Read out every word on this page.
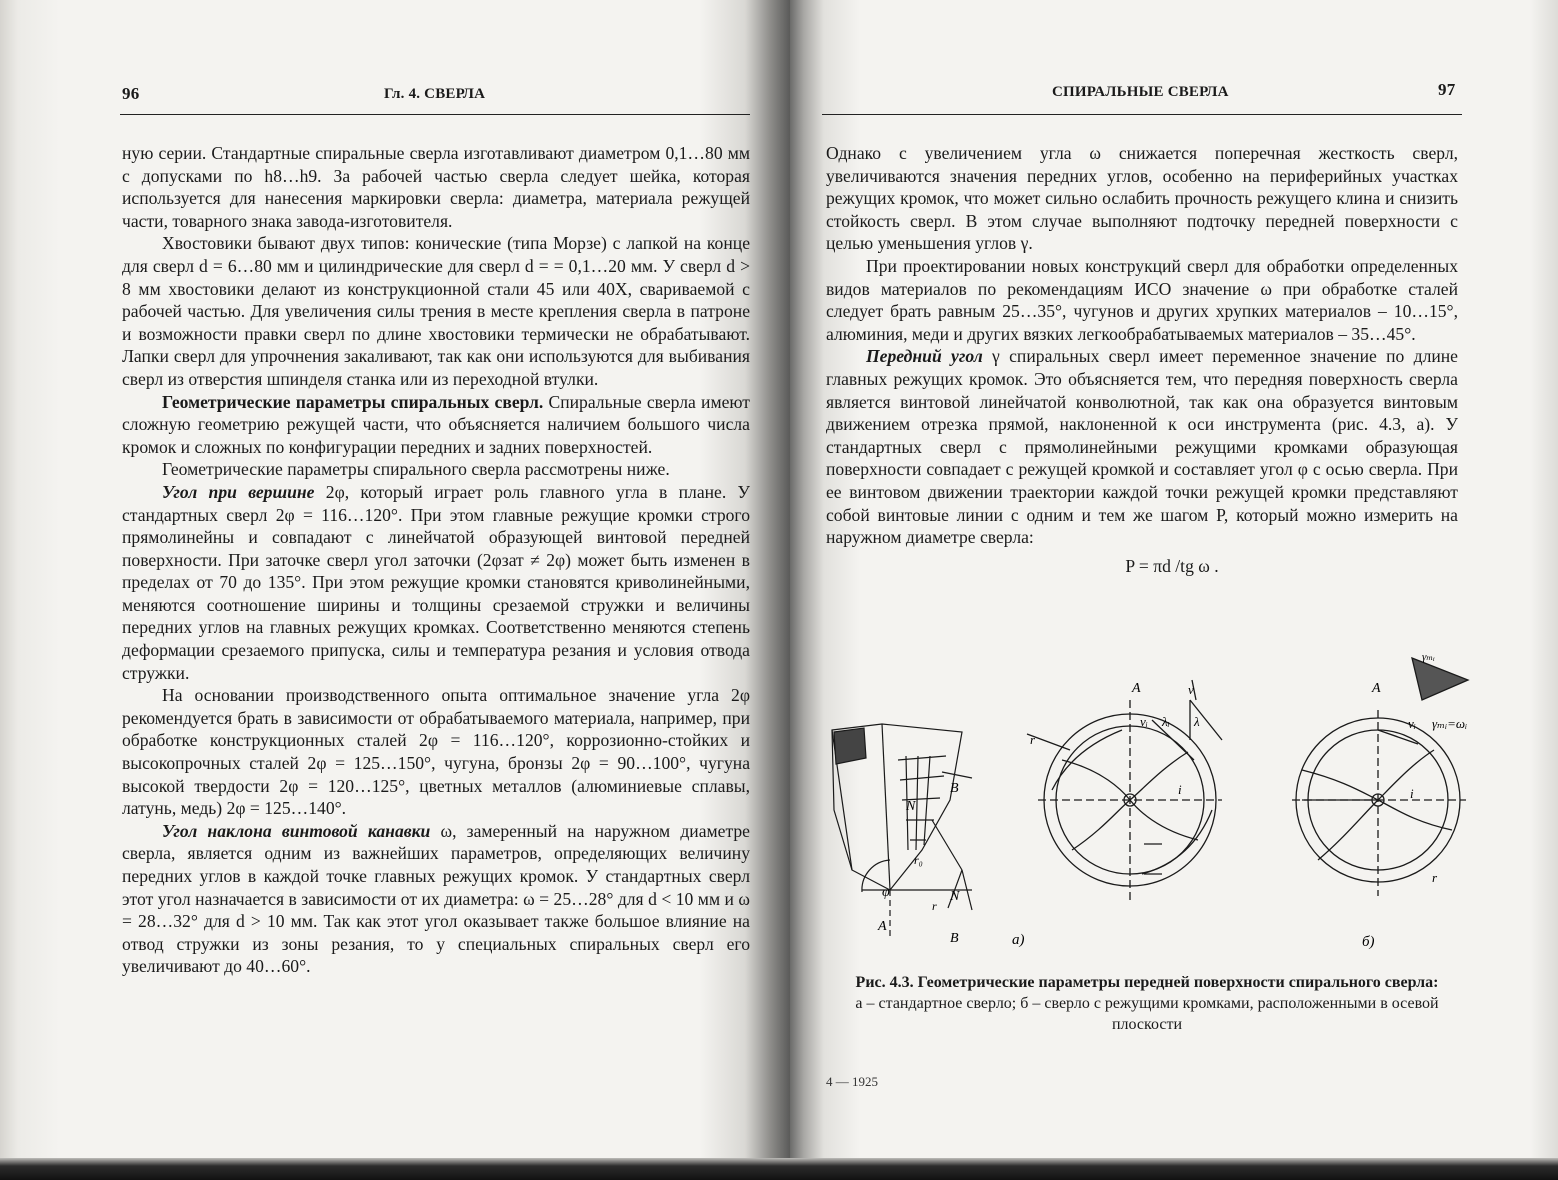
96	Гл. 4. СВЕРЛА

ную серии. Стандартные спиральные сверла изготавливают диаметром 0,1…80 мм с допусками по h8…h9. За рабочей частью сверла следует шейка, которая используется для нанесения маркировки сверла: диаметра, материала режущей части, товарного знака завода-изготовителя.

Хвостовики бывают двух типов: конические (типа Морзе) с лапкой на конце для сверл d = 6…80 мм и цилиндрические для сверл d = = 0,1…20 мм. У сверл d > 8 мм хвостовики делают из конструкционной стали 45 или 40Х, свариваемой с рабочей частью. Для увеличения силы трения в месте крепления сверла в патроне и возможности правки сверл по длине хвостовики термически не обрабатывают. Лапки сверл для упрочнения закаливают, так как они используются для выбивания сверл из отверстия шпинделя станка или из переходной втулки.

Геометрические параметры спиральных сверл. Спиральные сверла имеют сложную геометрию режущей части, что объясняется наличием большого числа кромок и сложных по конфигурации передних и задних поверхностей.

Геометрические параметры спирального сверла рассмотрены ниже.

Угол при вершине 2φ, который играет роль главного угла в плане. У стандартных сверл 2φ = 116…120°. При этом главные режущие кромки строго прямолинейны и совпадают с линейчатой образующей винтовой передней поверхности. При заточке сверл угол заточки (2φзат ≠ 2φ) может быть изменен в пределах от 70 до 135°. При этом режущие кромки становятся криволинейными, меняются соотношение ширины и толщины срезаемой стружки и величины передних углов на главных режущих кромках. Соответственно меняются степень деформации срезаемого припуска, силы и температура резания и условия отвода стружки.

На основании производственного опыта оптимальное значение угла 2φ рекомендуется брать в зависимости от обрабатываемого материала, например, при обработке конструкционных сталей 2φ = 116…120°, коррозионно-стойких и высокопрочных сталей 2φ = 125…150°, чугуна, бронзы 2φ = 90…100°, чугуна высокой твердости 2φ = 120…125°, цветных металлов (алюминиевые сплавы, латунь, медь) 2φ = 125…140°.

Угол наклона винтовой канавки ω, замеренный на наружном диаметре сверла, является одним из важнейших параметров, определяющих величину передних углов в каждой точке главных режущих кромок. У стандартных сверл этот угол назначается в зависимости от их диаметра: ω = 25…28° для d < 10 мм и ω = 28…32° для d > 10 мм. Так как этот угол оказывает также большое влияние на отвод стружки из зоны резания, то у специальных спиральных сверл его увеличивают до 40…60°.

СПИРАЛЬНЫЕ СВЕРЛА	97

Однако с увеличением угла ω снижается поперечная жесткость сверл, увеличиваются значения передних углов, особенно на периферийных участках режущих кромок, что может сильно ослабить прочность режущего клина и снизить стойкость сверл. В этом случае выполняют подточку передней поверхности с целью уменьшения углов γ.

При проектировании новых конструкций сверл для обработки определенных видов материалов по рекомендациям ИСО значение ω при обработке сталей следует брать равным 25…35°, чугунов и других хрупких материалов – 10…15°, алюминия, меди и других вязких легкообрабатываемых материалов – 35…45°.

Передний угол γ спиральных сверл имеет переменное значение по длине главных режущих кромок. Это объясняется тем, что передняя поверхность сверла является винтовой линейчатой конволютной, так как она образуется винтовым движением отрезка прямой, наклоненной к оси инструмента (рис. 4.3, а). У стандартных сверл с прямолинейными режущими кромками образующая поверхности совпадает с режущей кромкой и составляет угол φ с осью сверла. При ее винтовом движении траектории каждой точки режущей кромки представляют собой винтовые линии с одним и тем же шагом P, который можно измерить на наружном диаметре сверла:

P = πd /tg ω .

φ
r₀
B
N
N
r
B
A
A	v
vᵢ λᵢ λ
i
r
а)
A
γₘᵢ
vᵢ γₘᵢ=ωᵢ
i
r
б)
Рис. 4.3. Геометрические параметры передней поверхности спирального сверла:
а – стандартное сверло; б – сверло с режущими кромками, расположенными в осевой плоскости
4 — 1925
